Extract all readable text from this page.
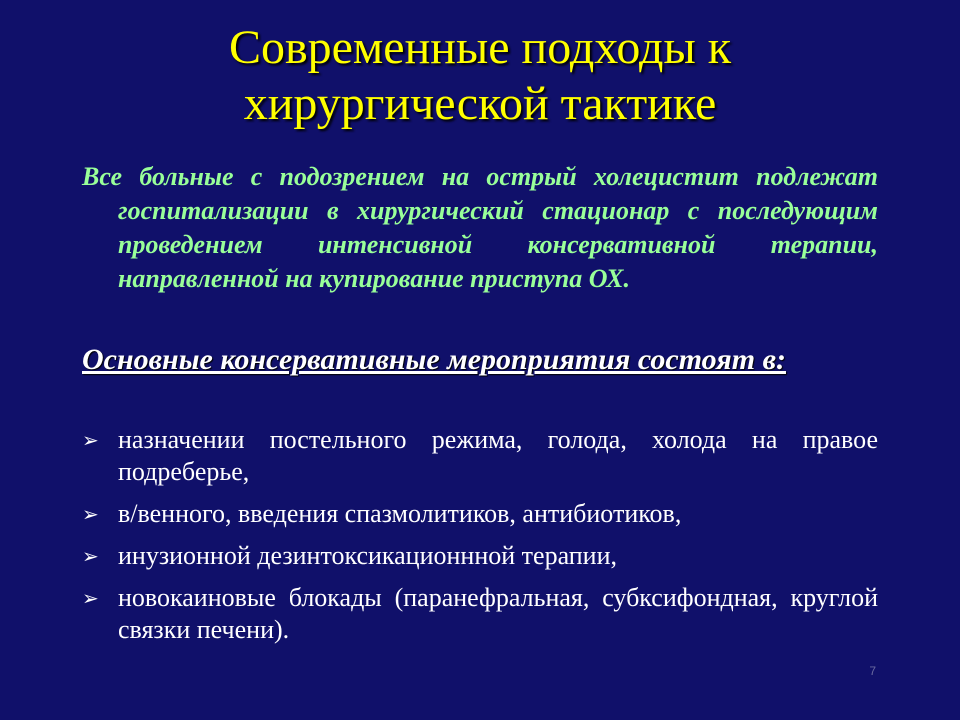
Современные подходы к
хирургической тактике
Все больные с подозрением на острый холецистит подлежат госпитализации в хирургический стационар с последующим проведением интенсивной консервативной терапии, направленной на купирование приступа ОХ.
Основные консервативные мероприятия состоят в:
➢ назначении постельного режима, голода, холода на правое подреберье,
➢ в/венного, введения спазмолитиков, антибиотиков,
➢ инузионной дезинтоксикационнной терапии,
➢ новокаиновые блокады (паранефральная, субксифондная, круглой связки печени).
7
